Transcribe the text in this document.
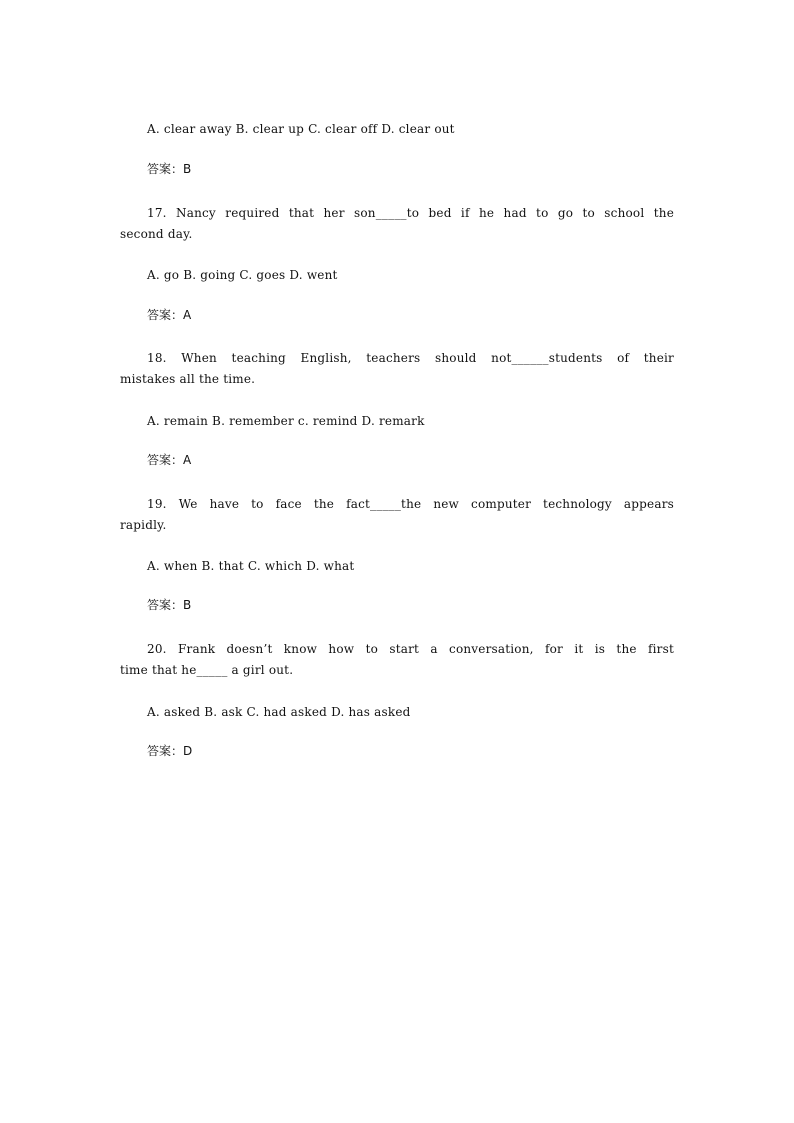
A. clear away B. clear up C. clear off D. clear out
答案：B
17. Nancy required that her son_____to bed if he had to go to school the
second day.
A. go B. going C. goes D. went
答案：A
18. When teaching English, teachers should not______students of their
mistakes all the time.
A. remain B. remember c. remind D. remark
答案：A
19. We have to face the fact_____the new computer technology appears
rapidly.
A. when B. that C. which D. what
答案：B
20. Frank doesn’t know how to start a conversation, for it is the first
time that he_____ a girl out.
A. asked B. ask C. had asked D. has asked
答案：D
